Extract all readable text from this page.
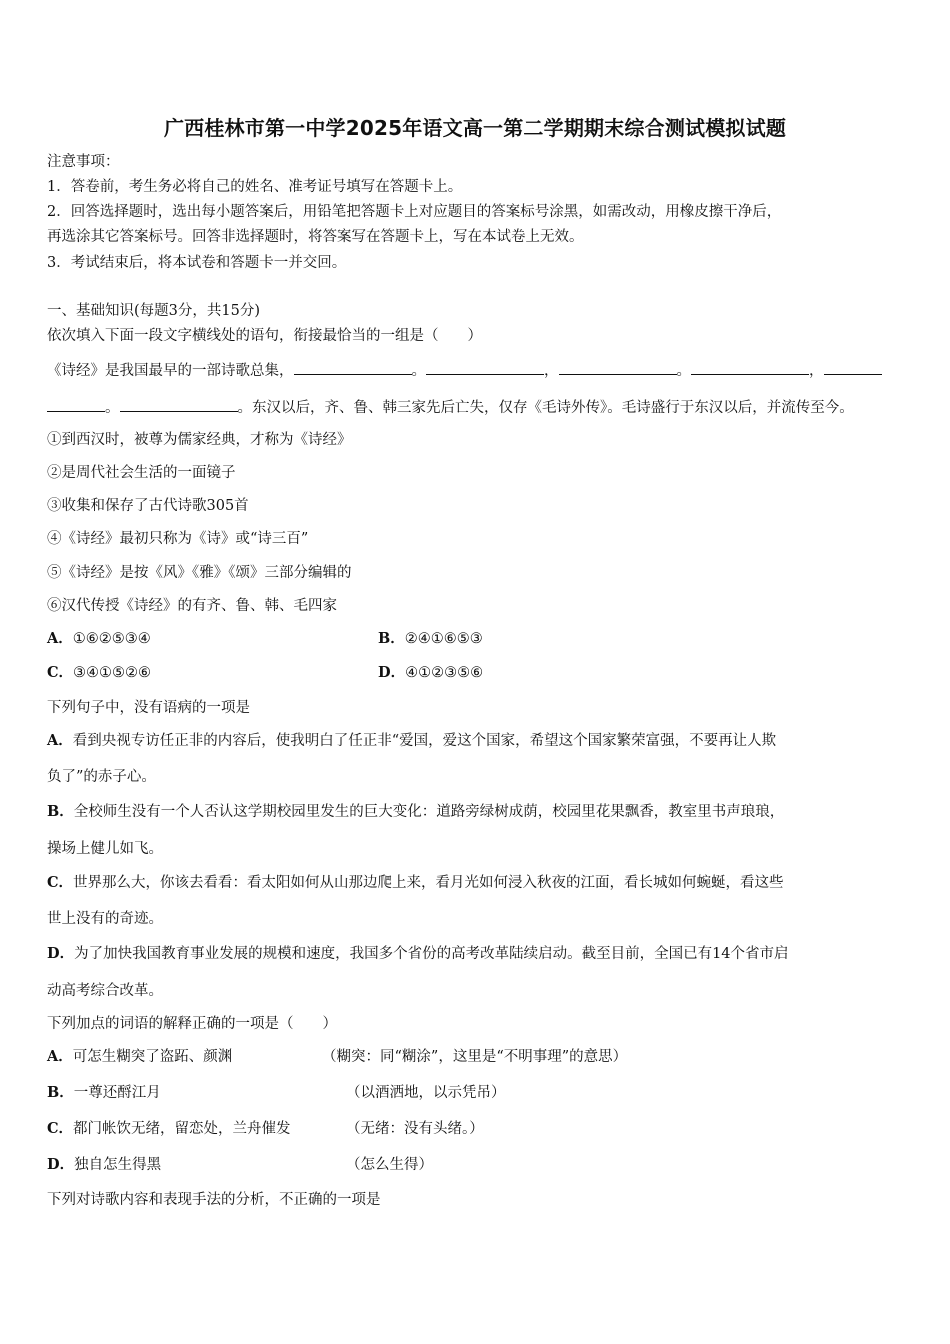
广西桂林市第一中学2025年语文高一第二学期期末综合测试模拟试题
注意事项：
1．答卷前，考生务必将自己的姓名、准考证号填写在答题卡上。
2．回答选择题时，选出每小题答案后，用铅笔把答题卡上对应题目的答案标号涂黑，如需改动，用橡皮擦干净后，
再选涂其它答案标号。回答非选择题时，将答案写在答题卡上，写在本试卷上无效。
3．考试结束后，将本试卷和答题卡一并交回。
一、基础知识(每题3分，共15分)
依次填入下面一段文字横线处的语句，衔接最恰当的一组是（　　）
《诗经》是我国最早的一部诗歌总集，	。	，	。	，
。	。东汉以后，齐、鲁、韩三家先后亡失，仅存《毛诗外传》。毛诗盛行于东汉以后，并流传至今。
①到西汉时，被尊为儒家经典，才称为《诗经》
②是周代社会生活的一面镜子
③收集和保存了古代诗歌305首
④《诗经》最初只称为《诗》或“诗三百”
⑤《诗经》是按《风》《雅》《颂》三部分编辑的
⑥汉代传授《诗经》的有齐、鲁、韩、毛四家
A．①⑥②⑤③④	B．②④①⑥⑤③
C．③④①⑤②⑥	D．④①②③⑤⑥
下列句子中，没有语病的一项是
A．看到央视专访任正非的内容后，使我明白了任正非“爱国，爱这个国家，希望这个国家繁荣富强，不要再让人欺
负了”的赤子心。
B．全校师生没有一个人否认这学期校园里发生的巨大变化：道路旁绿树成荫，校园里花果飘香，教室里书声琅琅，
操场上健儿如飞。
C．世界那么大，你该去看看：看太阳如何从山那边爬上来，看月光如何浸入秋夜的江面，看长城如何蜿蜒，看这些
世上没有的奇迹。
D．为了加快我国教育事业发展的规模和速度，我国多个省份的高考改革陆续启动。截至目前，全国已有14个省市启
动高考综合改革。
下列加点的词语的解释正确的一项是（　　）
A．可怎生糊突了盗跖、颜渊	（糊突：同“糊涂”，这里是“不明事理”的意思）
B．一尊还酹江月	（以酒洒地，以示凭吊）
C．都门帐饮无绪，留恋处，兰舟催发	（无绪：没有头绪。）
D．独自怎生得黑	（怎么生得）
下列对诗歌内容和表现手法的分析，不正确的一项是
